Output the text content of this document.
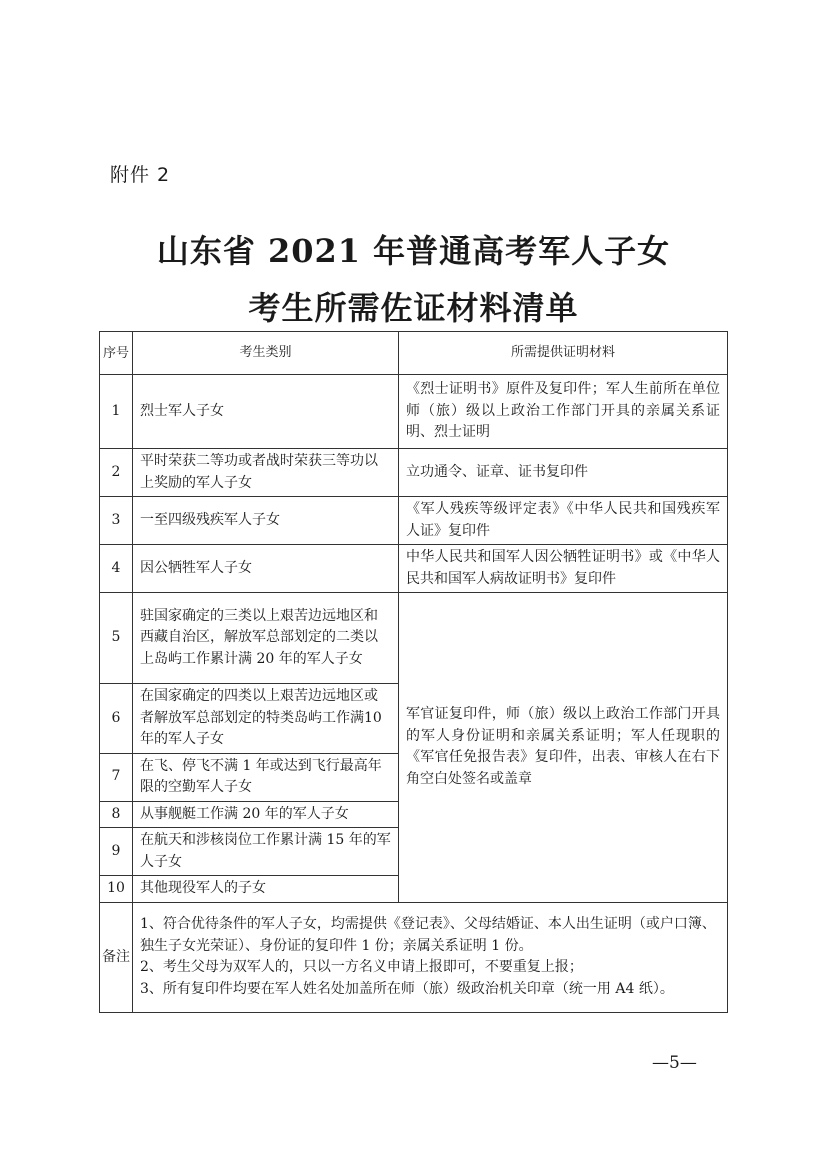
附件 2
山东省 2021 年普通高考军人子女
考生所需佐证材料清单
序号	考生类别	所需提供证明材料
1	烈士军人子女	《烈士证明书》原件及复印件；军人生前所在单位师（旅）级以上政治工作部门开具的亲属关系证明、烈士证明
2	平时荣获二等功或者战时荣获三等功以上奖励的军人子女	立功通令、证章、证书复印件
3	一至四级残疾军人子女	《军人残疾等级评定表》《中华人民共和国残疾军人证》复印件
4	因公牺牲军人子女	中华人民共和国军人因公牺牲证明书》或《中华人民共和国军人病故证明书》复印件
5	驻国家确定的三类以上艰苦边远地区和西藏自治区，解放军总部划定的二类以上岛屿工作累计满 20 年的军人子女	军官证复印件，师（旅）级以上政治工作部门开具的军人身份证明和亲属关系证明；军人任现职的《军官任免报告表》复印件，出表、审核人在右下角空白处签名或盖章
6	在国家确定的四类以上艰苦边远地区或者解放军总部划定的特类岛屿工作满10年的军人子女	
7	在飞、停飞不满 1 年或达到飞行最高年限的空勤军人子女	
8	从事舰艇工作满 20 年的军人子女	
9	在航天和涉核岗位工作累计满 15 年的军人子女	
10	其他现役军人的子女	
备注	1、符合优待条件的军人子女，均需提供《登记表》、父母结婚证、本人出生证明（或户口簿、独生子女光荣证）、身份证的复印件 1 份；亲属关系证明 1 份。

2、考生父母为双军人的，只以一方名义申请上报即可，不要重复上报；

3、所有复印件均要在军人姓名处加盖所在师（旅）级政治机关印章（统一用 A4 纸）。	

—5—
